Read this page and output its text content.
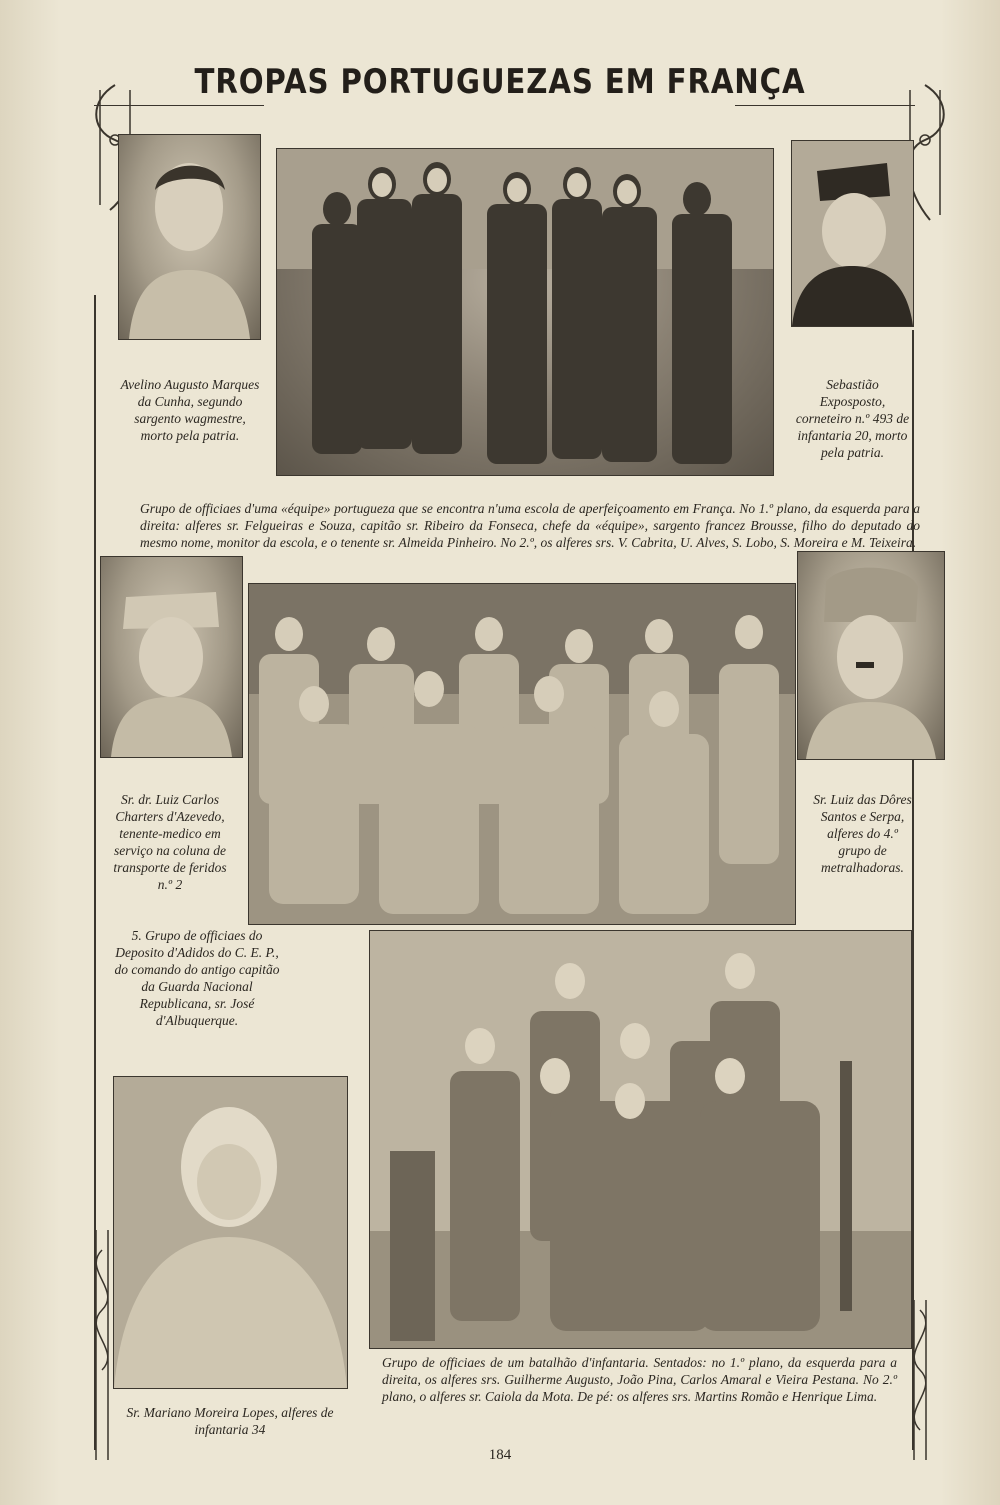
TROPAS PORTUGUEZAS EM FRANÇA
Avelino Augusto Marques da Cunha, segundo sargento wagmestre, morto pela patria.
Sebastião Expospostо, corneteiro n.º 493 de infantaria 20, morto pela patria.
Grupo de officiaes d'uma «équipe» portugueza que se encontra n'uma escola de aperfeiçoamento em França. No 1.º plano, da esquerda para a direita: alferes sr. Felgueiras e Souza, capitão sr. Ribeiro da Fonseca, chefe da «équipe», sargento francez Brousse, filho do deputado do mesmo nome, monitor da escola, e o tenente sr. Almeida Pinheiro. No 2.º, os alferes srs. V. Cabrita, U. Alves, S. Lobo, S. Moreira e M. Teixeira.
Sr. dr. Luiz Carlos Charters d'Azevedo, tenente-medico em serviço na coluna de transporte de feridos n.º 2
Sr. Luiz das Dôres Santos e Serpa, alferes do 4.º grupo de metralhadoras.
5. Grupo de officiaes do Deposito d'Adidos do C. E. P., do comando do antigo capitão da Guarda Nacional Republicana, sr. José d'Albuquerque.
Grupo de officiaes de um batalhão d'infantaria. Sentados: no 1.º plano, da esquerda para a direita, os alferes srs. Guilherme Augusto, João Pina, Carlos Amaral e Vieira Pestana. No 2.º plano, o alferes sr. Caiola da Mota. De pé: os alferes srs. Martins Romão e Henrique Lima.
Sr. Mariano Moreira Lopes, alferes de infantaria 34
184
